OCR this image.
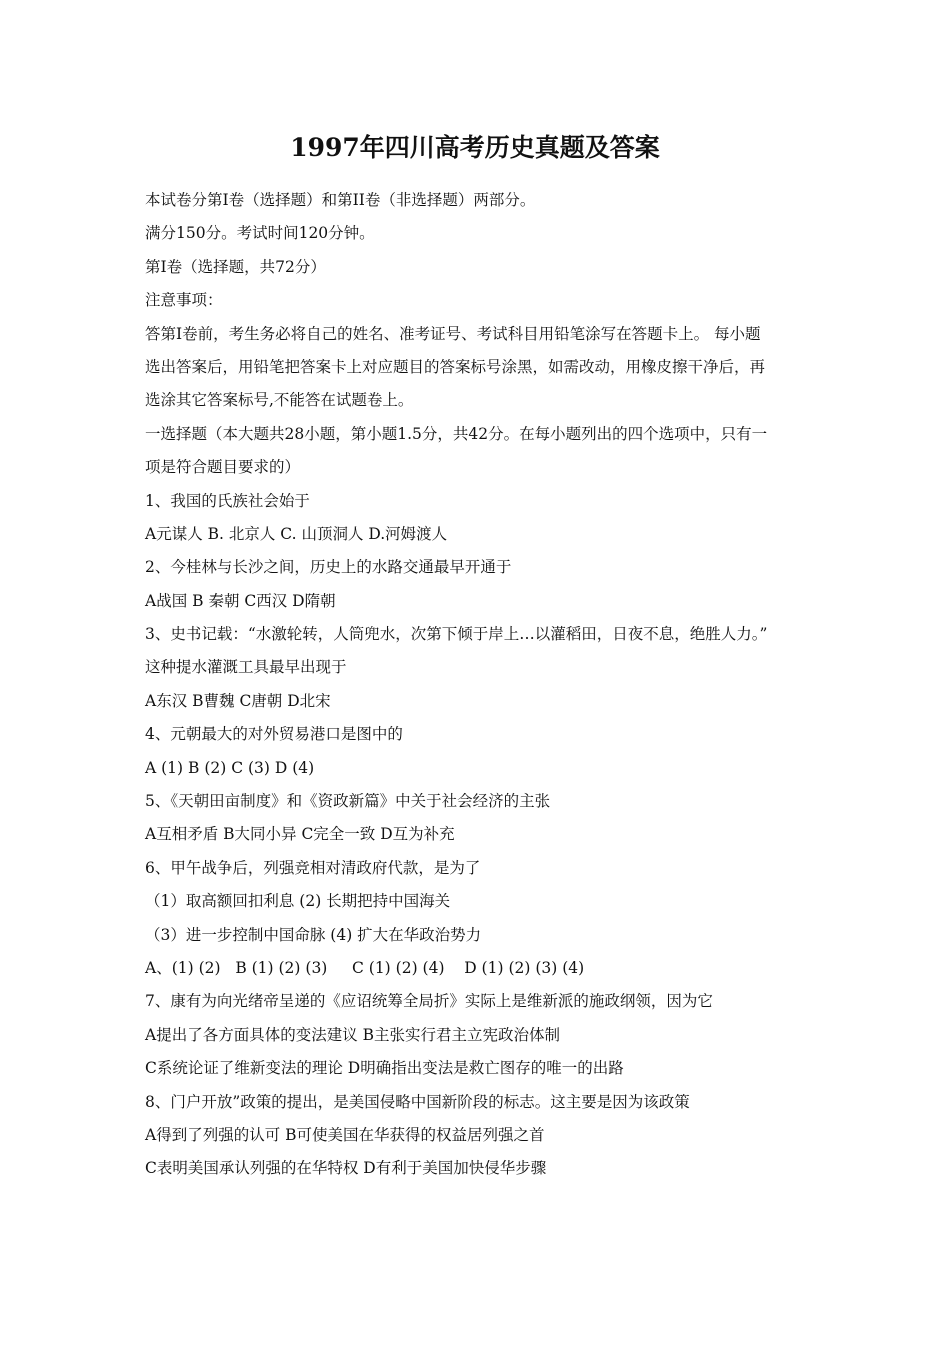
1997年四川高考历史真题及答案
本试卷分第I卷（选择题）和第II卷（非选择题）两部分。
满分150分。考试时间120分钟。
第I卷（选择题，共72分）
注意事项：
答第I卷前，考生务必将自己的姓名、准考证号、考试科目用铅笔涂写在答题卡上。 每小题
选出答案后，用铅笔把答案卡上对应题目的答案标号涂黑，如需改动，用橡皮擦干净后，再
选涂其它答案标号,不能答在试题卷上。
一选择题（本大题共28小题，第小题1.5分，共42分。在每小题列出的四个选项中，只有一
项是符合题目要求的）
1、我国的氏族社会始于
A元谋人 B. 北京人 C. 山顶洞人 D.河姆渡人
2、今桂林与长沙之间，历史上的水路交通最早开通于
A战国 B 秦朝 C西汉 D隋朝
3、史书记载：“水激轮转，人筒兜水，次第下倾于岸上…以灌稻田，日夜不息，绝胜人力。”
这种提水灌溉工具最早出现于
A东汉 B曹魏 C唐朝 D北宋
4、元朝最大的对外贸易港口是图中的
A (1) B (2) C (3) D (4)
5、《天朝田亩制度》和《资政新篇》中关于社会经济的主张
A互相矛盾 B大同小异 C完全一致 D互为补充
6、甲午战争后，列强竞相对清政府代款，是为了
（1）取高额回扣利息 (2) 长期把持中国海关
（3）进一步控制中国命脉 (4) 扩大在华政治势力
A、(1) (2)   B (1) (2) (3)     C (1) (2) (4)    D (1) (2) (3) (4)
7、康有为向光绪帝呈递的《应诏统筹全局折》实际上是维新派的施政纲领，因为它
A提出了各方面具体的变法建议 B主张实行君主立宪政治体制
C系统论证了维新变法的理论 D明确指出变法是救亡图存的唯一的出路
8、门户开放”政策的提出，是美国侵略中国新阶段的标志。这主要是因为该政策
A得到了列强的认可 B可使美国在华获得的权益居列强之首
C表明美国承认列强的在华特权 D有利于美国加快侵华步骤
